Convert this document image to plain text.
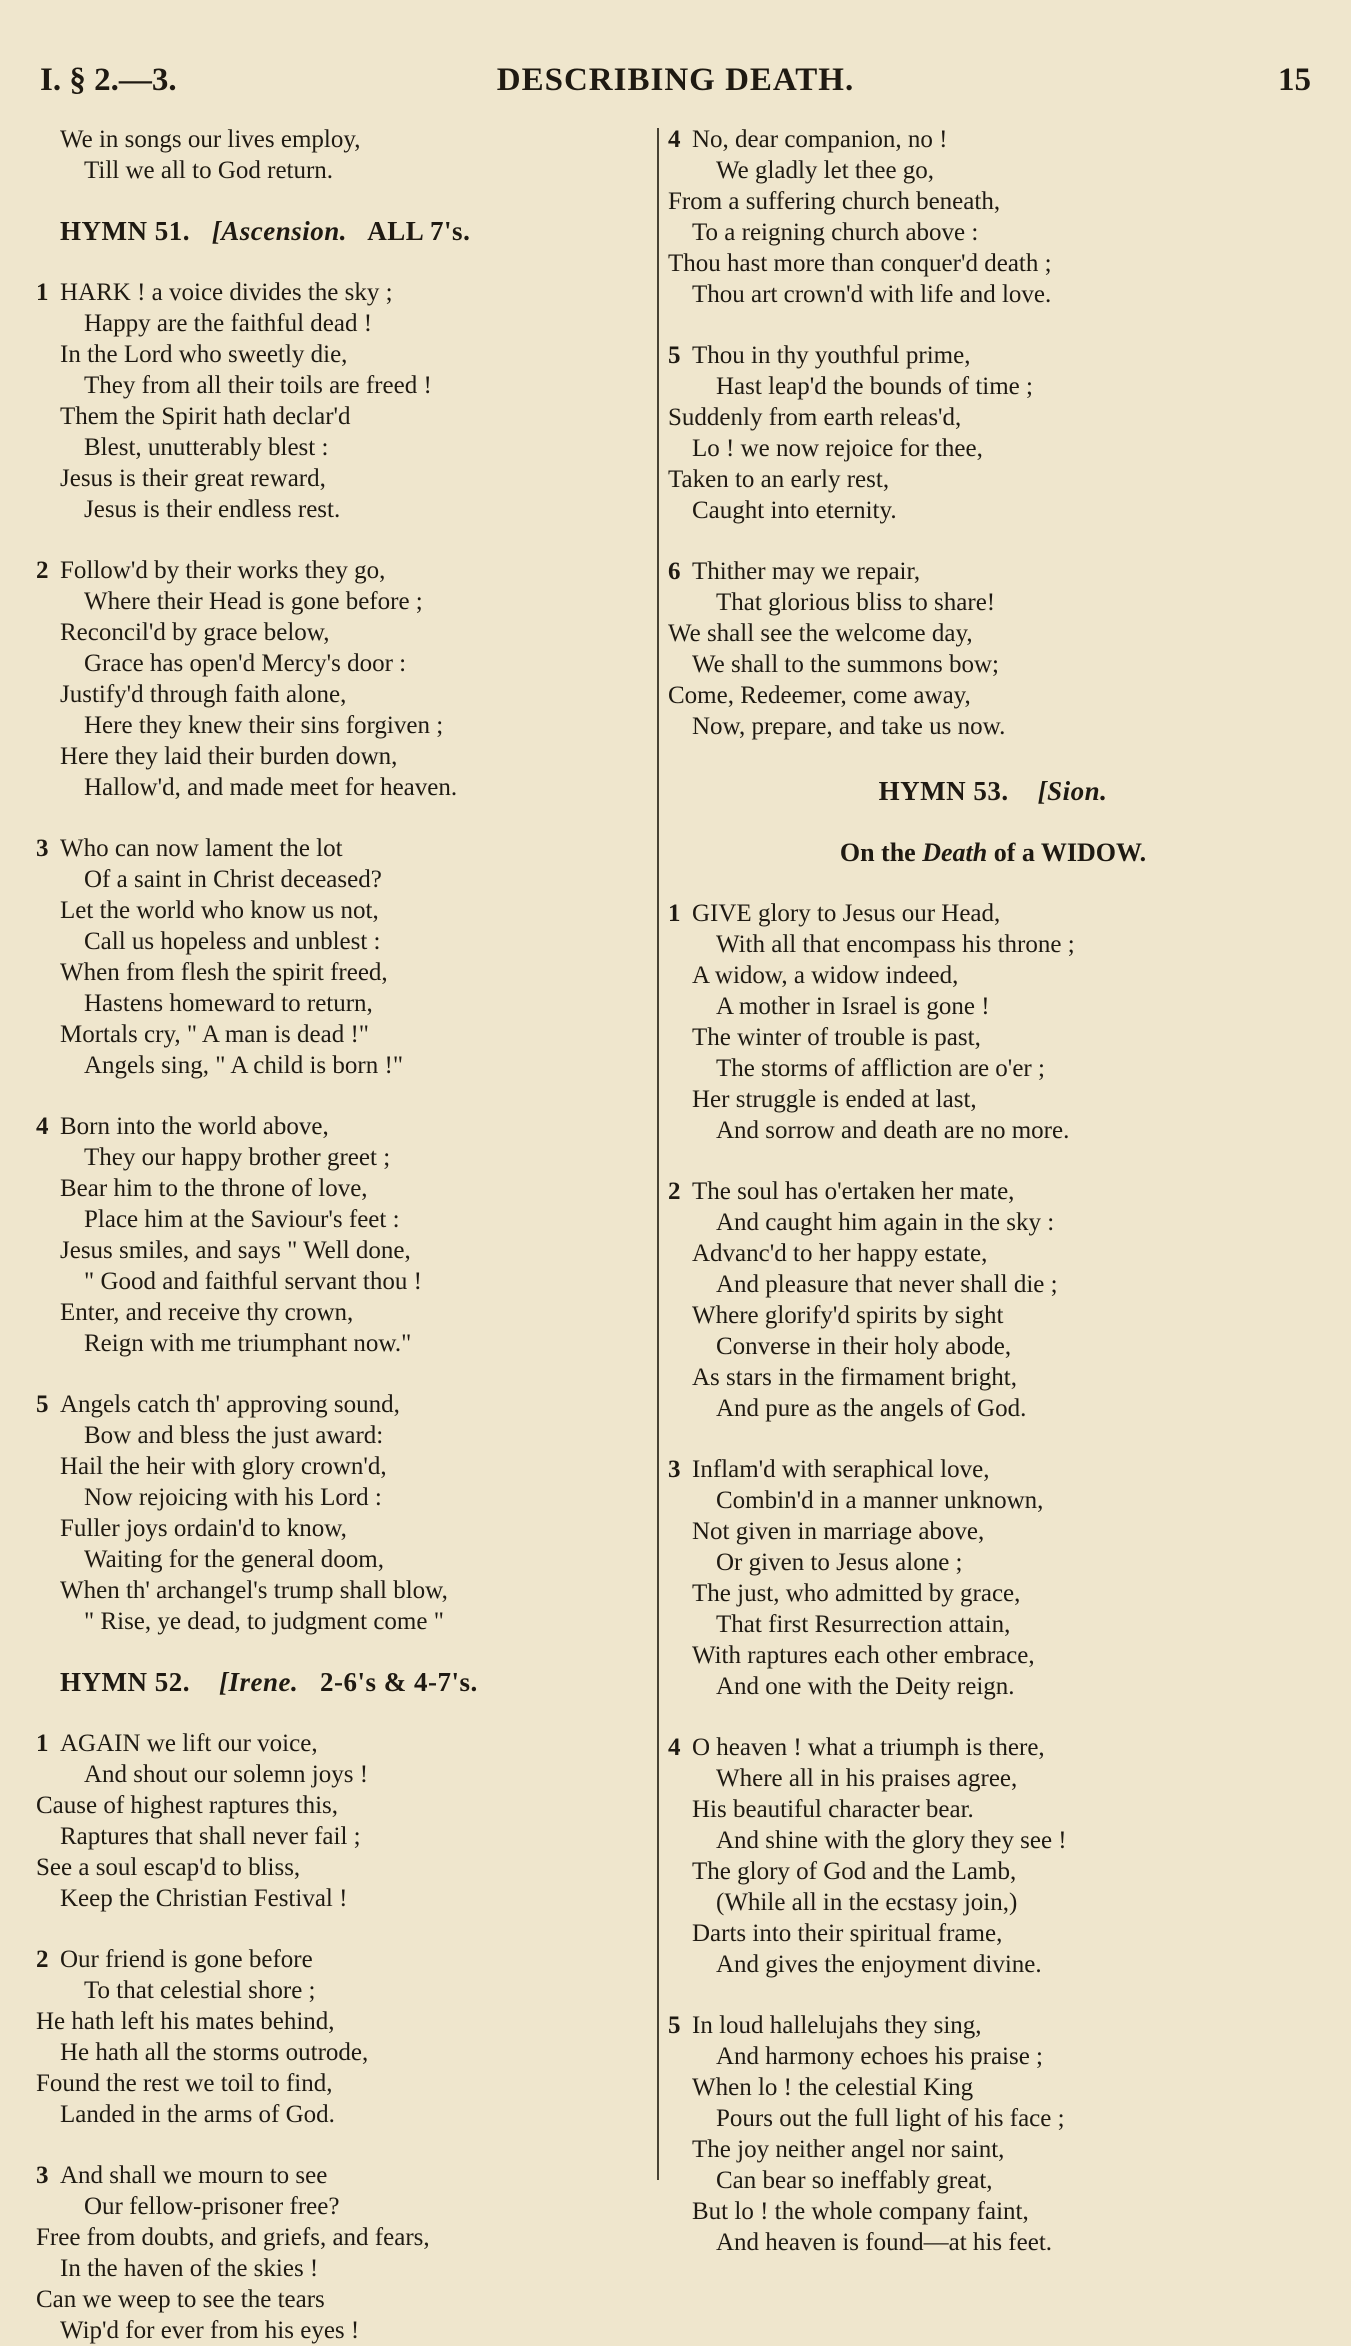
I. § 2.—3.	DESCRIBING DEATH.	15
We in songs our lives employ,
Till we all to God return.
HYMN 51. [Ascension. ALL 7's.
1 HARK ! a voice divides the sky ;
Happy are the faithful dead !
In the Lord who sweetly die,
They from all their toils are freed !
Them the Spirit hath declar'd
Blest, unutterably blest :
Jesus is their great reward,
Jesus is their endless rest.
2 Follow'd by their works they go,
Where their Head is gone before ;
Reconcil'd by grace below,
Grace has open'd Mercy's door :
Justify'd through faith alone,
Here they knew their sins forgiven ;
Here they laid their burden down,
Hallow'd, and made meet for heaven.
3 Who can now lament the lot
Of a saint in Christ deceased?
Let the world who know us not,
Call us hopeless and unblest :
When from flesh the spirit freed,
Hastens homeward to return,
Mortals cry, " A man is dead !"
Angels sing, " A child is born !"
4 Born into the world above,
They our happy brother greet ;
Bear him to the throne of love,
Place him at the Saviour's feet :
Jesus smiles, and says " Well done,
" Good and faithful servant thou !
Enter, and receive thy crown,
Reign with me triumphant now."
5 Angels catch th' approving sound,
Bow and bless the just award:
Hail the heir with glory crown'd,
Now rejoicing with his Lord :
Fuller joys ordain'd to know,
Waiting for the general doom,
When th' archangel's trump shall blow,
" Rise, ye dead, to judgment come "
HYMN 52. [Irene. 2-6's & 4-7's.
1 AGAIN we lift our voice,
And shout our solemn joys !
Cause of highest raptures this,
Raptures that shall never fail ;
See a soul escap'd to bliss,
Keep the Christian Festival !
2 Our friend is gone before
To that celestial shore ;
He hath left his mates behind,
He hath all the storms outrode,
Found the rest we toil to find,
Landed in the arms of God.
3 And shall we mourn to see
Our fellow-prisoner free?
Free from doubts, and griefs, and fears,
In the haven of the skies !
Can we weep to see the tears
Wip'd for ever from his eyes !
4 No, dear companion, no !
We gladly let thee go,
From a suffering church beneath,
To a reigning church above :
Thou hast more than conquer'd death ;
Thou art crown'd with life and love.
5 Thou in thy youthful prime,
Hast leap'd the bounds of time ;
Suddenly from earth releas'd,
Lo ! we now rejoice for thee,
Taken to an early rest,
Caught into eternity.
6 Thither may we repair,
That glorious bliss to share!
We shall see the welcome day,
We shall to the summons bow;
Come, Redeemer, come away,
Now, prepare, and take us now.
HYMN 53. [Sion.
On the Death of a WIDOW.
1 GIVE glory to Jesus our Head,
With all that encompass his throne ;
A widow, a widow indeed,
A mother in Israel is gone !
The winter of trouble is past,
The storms of affliction are o'er ;
Her struggle is ended at last,
And sorrow and death are no more.
2 The soul has o'ertaken her mate,
And caught him again in the sky :
Advanc'd to her happy estate,
And pleasure that never shall die ;
Where glorify'd spirits by sight
Converse in their holy abode,
As stars in the firmament bright,
And pure as the angels of God.
3 Inflam'd with seraphical love,
Combin'd in a manner unknown,
Not given in marriage above,
Or given to Jesus alone ;
The just, who admitted by grace,
That first Resurrection attain,
With raptures each other embrace,
And one with the Deity reign.
4 O heaven ! what a triumph is there,
Where all in his praises agree,
His beautiful character bear.
And shine with the glory they see !
The glory of God and the Lamb,
(While all in the ecstasy join,)
Darts into their spiritual frame,
And gives the enjoyment divine.
5 In loud hallelujahs they sing,
And harmony echoes his praise ;
When lo ! the celestial King
Pours out the full light of his face ;
The joy neither angel nor saint,
Can bear so ineffably great,
But lo ! the whole company faint,
And heaven is found—at his feet.
